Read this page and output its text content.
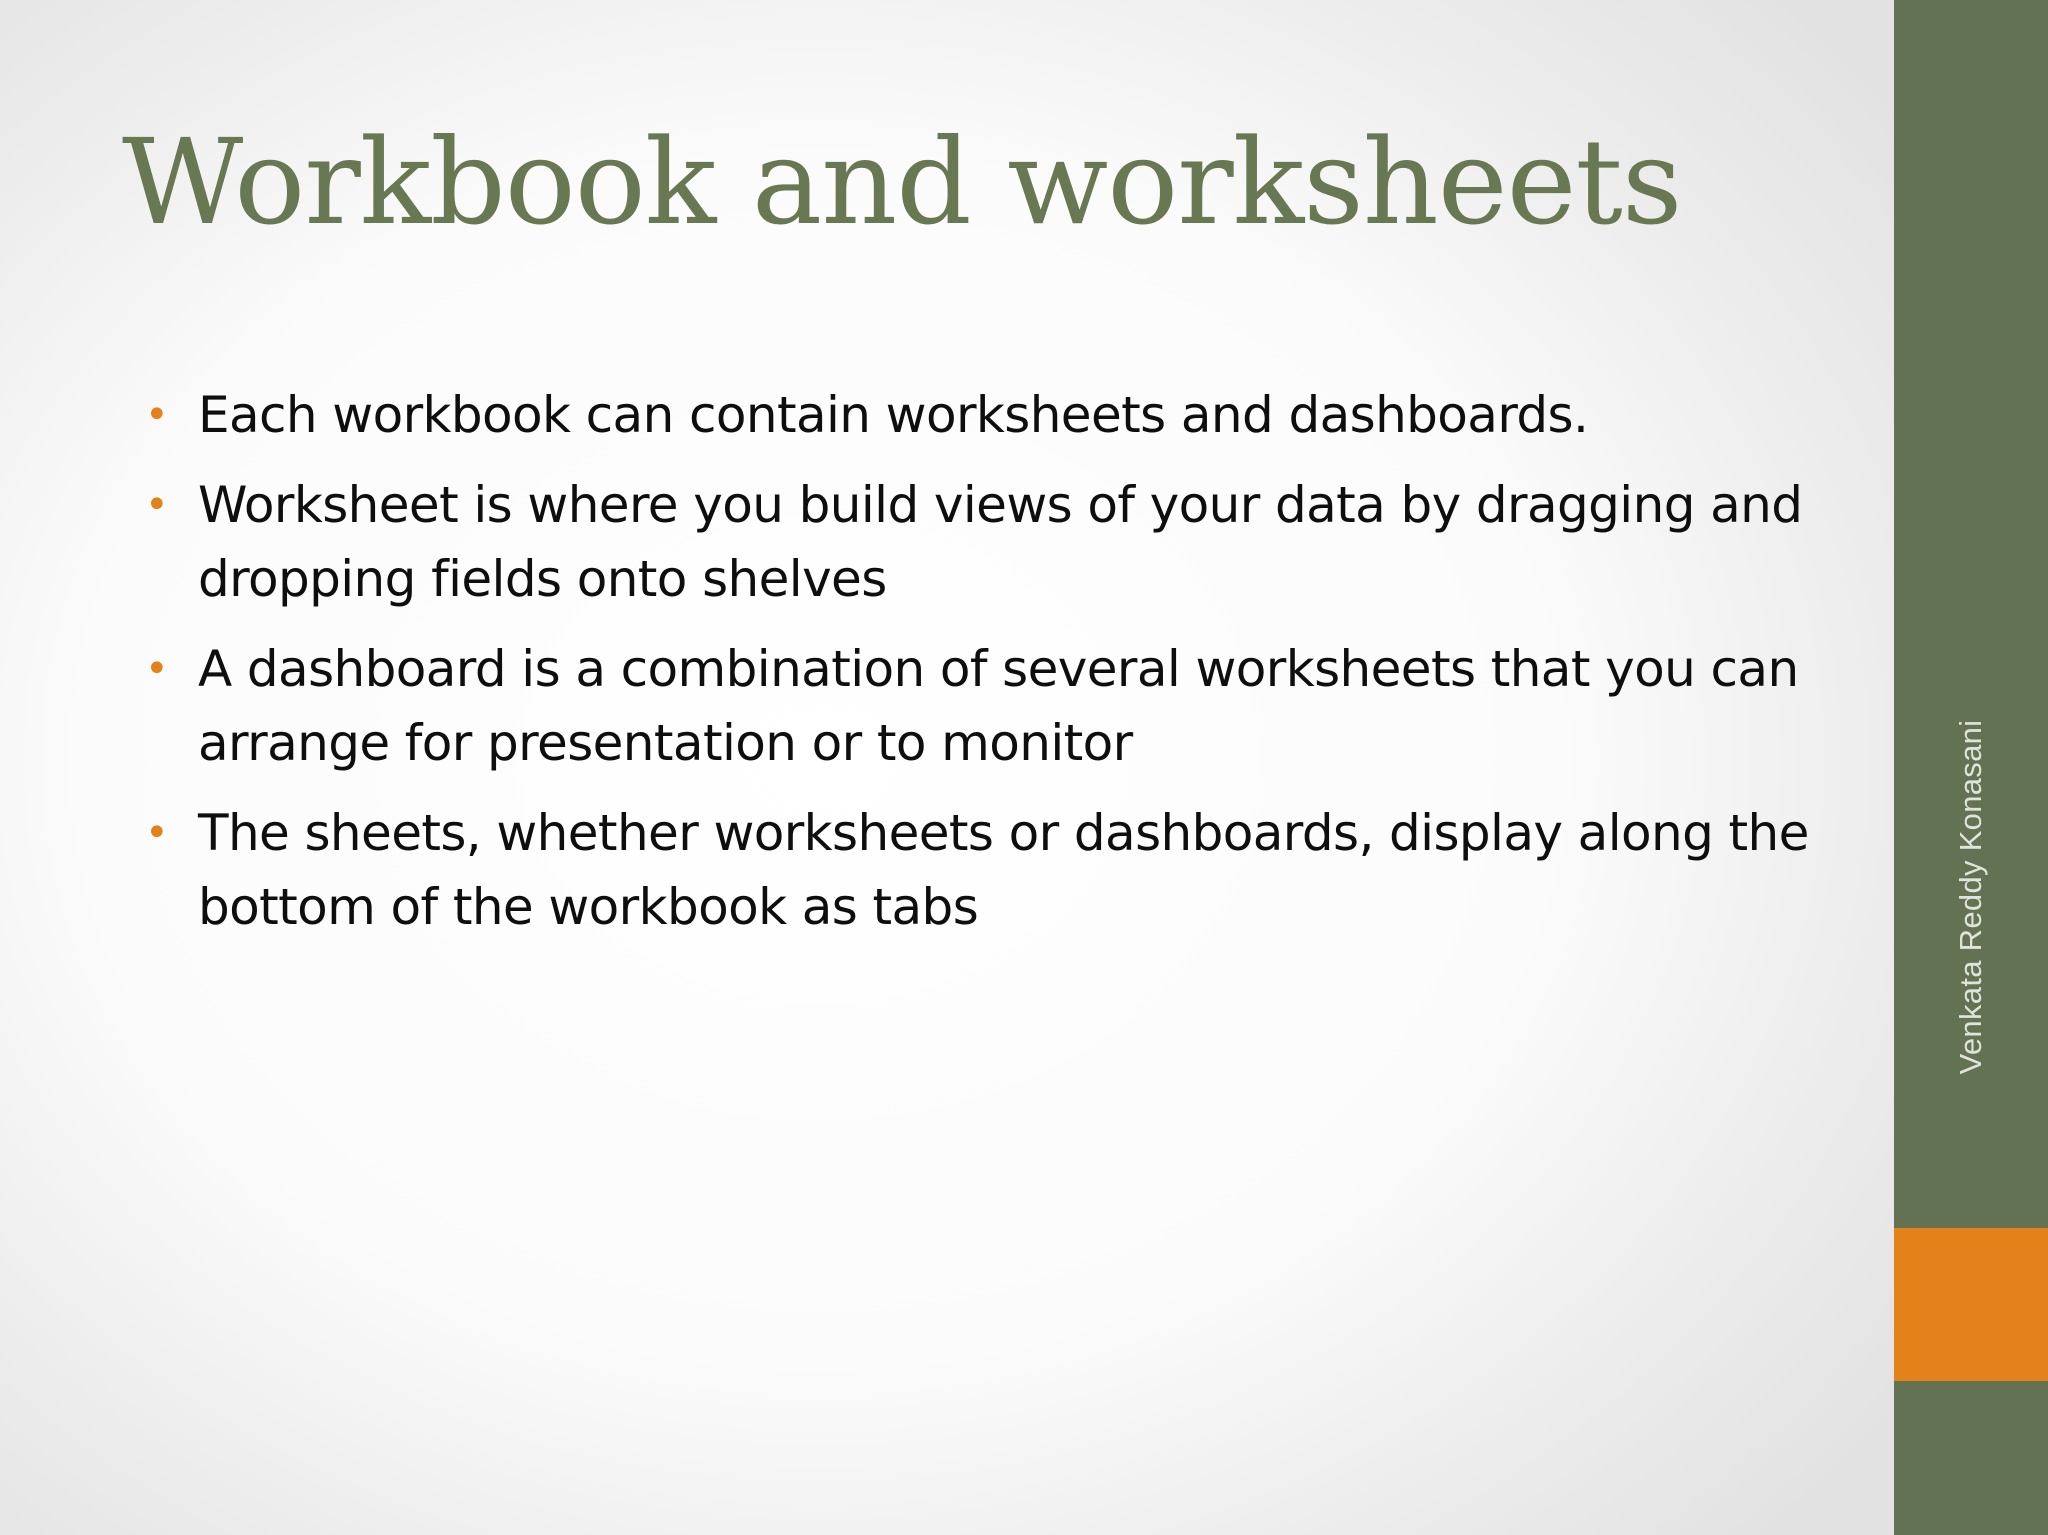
Workbook and worksheets
• Each workbook can contain worksheets and dashboards.
• Worksheet is where you build views of your data by dragging and dropping fields onto shelves
• A dashboard is a combination of several worksheets that you can arrange for presentation or to monitor
• The sheets, whether worksheets or dashboards, display along the bottom of the workbook as tabs	Venkata Reddy Konasani
